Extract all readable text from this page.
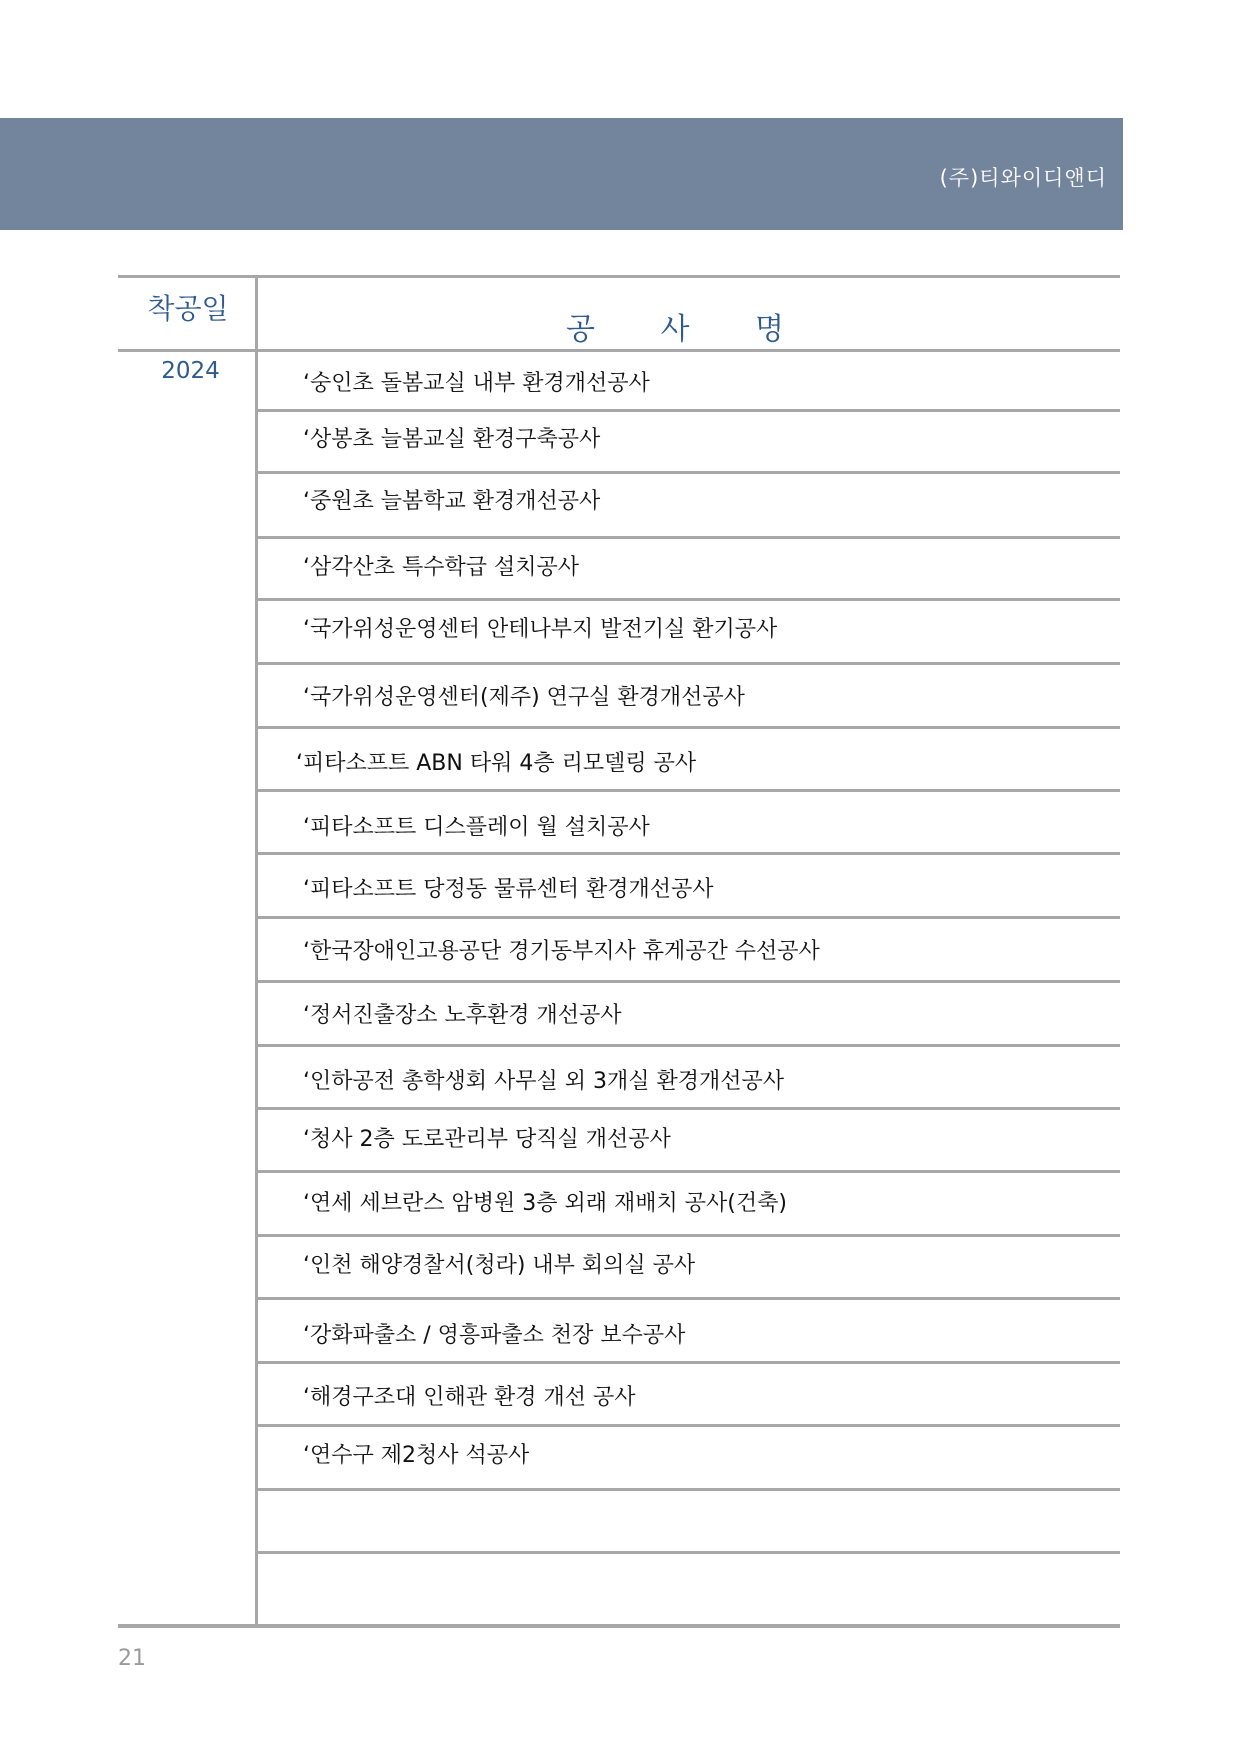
(주)티와이디앤디
착공일
공 사 명
2024	‘숭인초 돌봄교실 내부 환경개선공사
‘상봉초 늘봄교실 환경구축공사
‘중원초 늘봄학교 환경개선공사
‘삼각산초 특수학급 설치공사
‘국가위성운영센터 안테나부지 발전기실 환기공사
‘국가위성운영센터(제주) 연구실 환경개선공사
‘피타소프트 ABN 타워 4층 리모델링 공사
‘피타소프트 디스플레이 월 설치공사
‘피타소프트 당정동 물류센터 환경개선공사
‘한국장애인고용공단 경기동부지사 휴게공간 수선공사
‘정서진출장소 노후환경 개선공사
‘인하공전 총학생회 사무실 외 3개실 환경개선공사
‘청사 2층 도로관리부 당직실 개선공사
‘연세 세브란스 암병원 3층 외래 재배치 공사(건축)
‘인천 해양경찰서(청라) 내부 회의실 공사
‘강화파출소 / 영흥파출소 천장 보수공사
‘해경구조대 인해관 환경 개선 공사
‘연수구 제2청사 석공사
21
